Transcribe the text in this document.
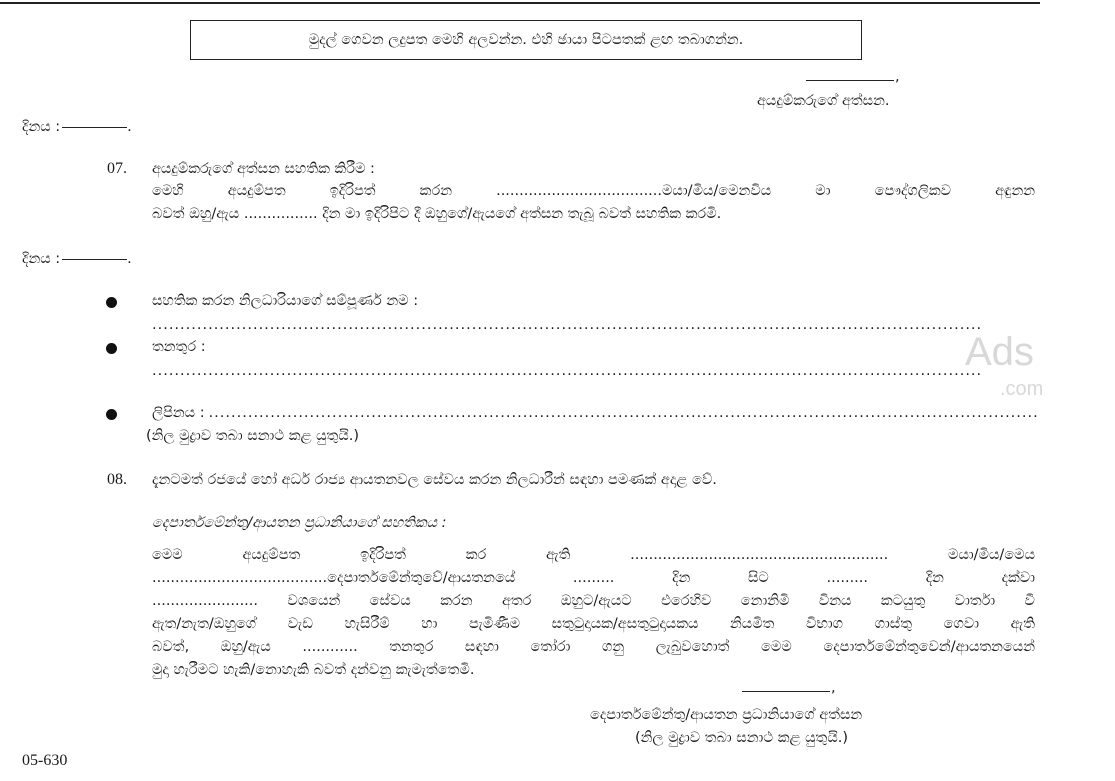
මුදල් ගෙවන ලදුපත මෙහි අලවන්න. එහි ඡායා පිටපතක් ළඟ තබාගන්න.
,
අයදුම්කරුගේ අත්සන.
දිනය :	.
07. අයදුම්කරුගේ අත්සන සහතික කිරීම :
මෙහි අයදුම්පත ඉදිරිපත් කරන ....................................මයා/මිය/මෙනවිය මා පෞද්ගලිකව අඳුනන
බවත් ඔහු/ඇය ................ දින මා ඉදිරිපිට දී ඔහුගේ/ඇයගේ අත්සන තැබූ බවත් සහතික කරමි.
දිනය :	.
සහතික කරන නිලධාරියාගේ සම්පූර්ණ නම :
....................................................................................................................................................
තනතුර :
....................................................................................................................................................
ලිපිනය : ....................................................................................................................................................
(නිල මුද්‍රාව තබා සනාථ කළ යුතුයි.)
Ads
.com
08. දැනටමත් රජයේ හෝ අර්ධ රාජ්‍ය ආයතනවල සේවය කරන නිලධාරීන් සඳහා පමණක් අදාළ වේ.
දෙපාර්තමේන්තු/ආයතන ප්‍රධානියාගේ සහතිකය :
මෙම අයදුම්පත ඉදිරිපත් කර ඇති ........................................................ මයා/මිය/මෙය
......................................දෙපාර්තමේන්තුවේ/ආයතනයේ ......... දින සිට ......... දින දක්වා
....................... වශයෙන් සේවය කරන අතර ඔහුට/ඇයට එරෙහිව නොනිමි විනය කටයුතු වාර්තා වී
ඇත/නැත/ඔහුගේ වැඩ හැසිරීම් හා පැමිණීම සතුටුදායක/අසතුටුදායකය නියමිත විභාග ගාස්තු ගෙවා ඇති
බවත්, ඔහු/ඇය ............ තනතුර සඳහා තෝරා ගනු ලැබුවහොත් මෙම දෙපාර්තමේන්තුවෙන්/ආයතනයෙන්
මුදා හැරීමට හැකි/නොහැකි බවත් දන්වනු කැමැත්තෙමි.
,
දෙපාර්තමේන්තු/ආයතන ප්‍රධානියාගේ අත්සන
(නිල මුද්‍රාව තබා සනාථ කළ යුතුයි.)
05-630
